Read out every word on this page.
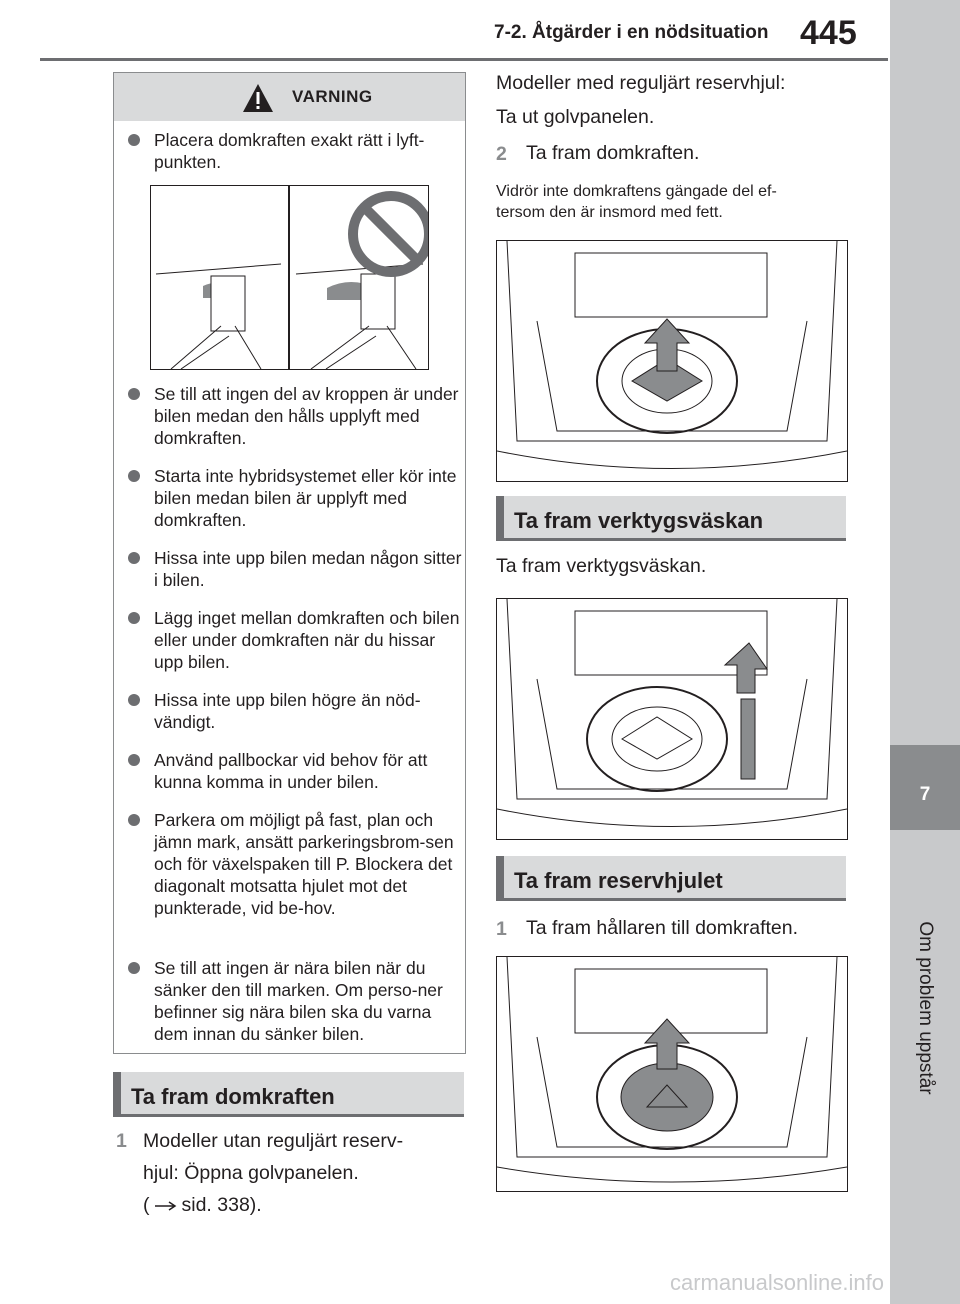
7-2. Åtgärder i en nödsituation 445
7
Om problem uppstår
VARNING
Placera domkraften exakt rätt i lyft-punkten.
Se till att ingen del av kroppen är under bilen medan den hålls upplyft med domkraften.
Starta inte hybridsystemet eller kör inte bilen medan bilen är upplyft med domkraften.
Hissa inte upp bilen medan någon sitter i bilen.
Lägg inget mellan domkraften och bilen eller under domkraften när du hissar upp bilen.
Hissa inte upp bilen högre än nöd-vändigt.
Använd pallbockar vid behov för att kunna komma in under bilen.
Parkera om möjligt på fast, plan och jämn mark, ansätt parkeringsbrom-sen och för växelspaken till P. Blockera det diagonalt motsatta hjulet mot det punkterade, vid be-hov.
Se till att ingen är nära bilen när du sänker den till marken. Om perso-ner befinner sig nära bilen ska du varna dem innan du sänker bilen.
Ta fram domkraften
1 Modeller utan reguljärt reserv-
hjul: Öppna golvpanelen.
( sid. 338).
Modeller med reguljärt reservhjul:
Ta ut golvpanelen.
2 Ta fram domkraften.
Vidrör inte domkraftens gängade del ef-
tersom den är insmord med fett.
Ta fram verktygsväskan
Ta fram verktygsväskan.
Ta fram reservhjulet
1 Ta fram hållaren till domkraften.
carmanualsonline.info
